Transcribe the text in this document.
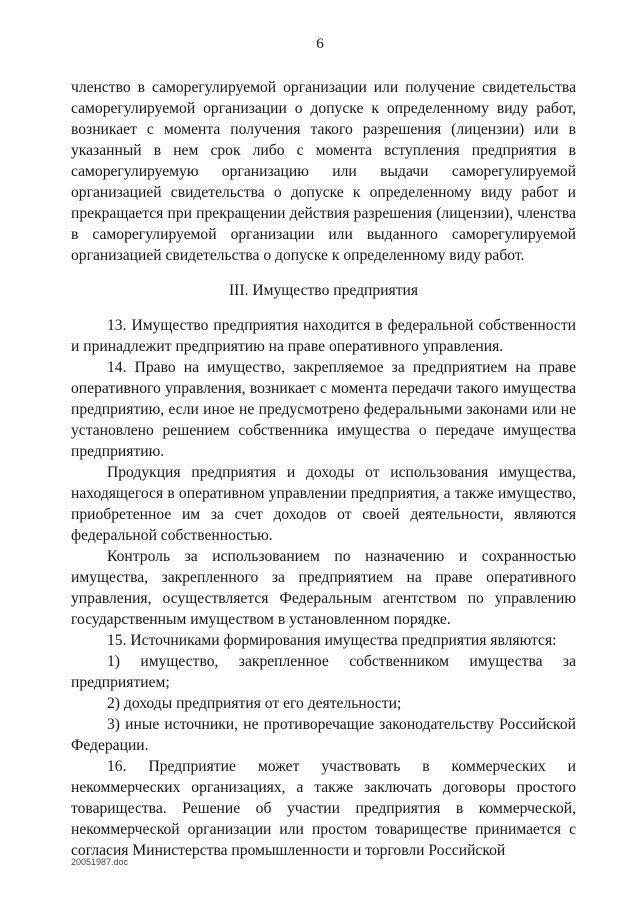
6

членство в саморегулируемой организации или получение свидетельства саморегулируемой организации о допуске к определенному виду работ, возникает с момента получения такого разрешения (лицензии) или в указанный в нем срок либо с момента вступления предприятия в саморегулируемую организацию или выдачи саморегулируемой организацией свидетельства о допуске к определенному виду работ и прекращается при прекращении действия разрешения (лицензии), членства в саморегулируемой организации или выданного саморегулируемой организацией свидетельства о допуске к определенному виду работ.

III. Имущество предприятия

13. Имущество предприятия находится в федеральной собственности и принадлежит предприятию на праве оперативного управления.

14. Право на имущество, закрепляемое за предприятием на праве оперативного управления, возникает с момента передачи такого имущества предприятию, если иное не предусмотрено федеральными законами или не установлено решением собственника имущества о передаче имущества предприятию.

Продукция предприятия и доходы от использования имущества, находящегося в оперативном управлении предприятия, а также имущество, приобретенное им за счет доходов от своей деятельности, являются федеральной собственностью.

Контроль за использованием по назначению и сохранностью имущества, закрепленного за предприятием на праве оперативного управления, осуществляется Федеральным агентством по управлению государственным имуществом в установленном порядке.

15. Источниками формирования имущества предприятия являются:

1) имущество, закрепленное собственником имущества за предприятием;

2) доходы предприятия от его деятельности;

3) иные источники, не противоречащие законодательству Российской Федерации.

16. Предприятие может участвовать в коммерческих и некоммерческих организациях, а также заключать договоры простого товарищества. Решение об участии предприятия в коммерческой, некоммерческой организации или простом товариществе принимается с согласия Министерства промышленности и торговли Российской

20051987.doc
